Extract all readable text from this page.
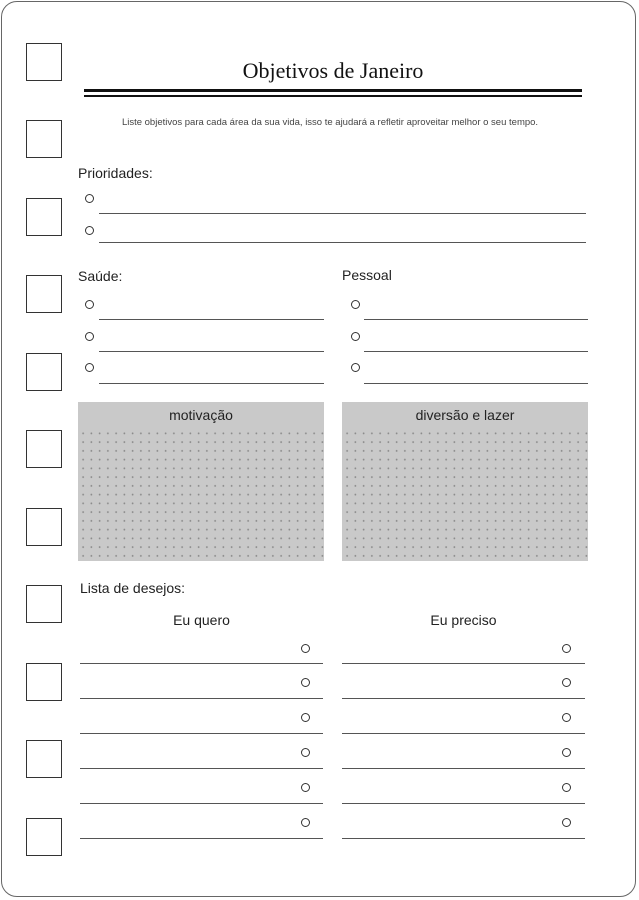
Objetivos de Janeiro
Liste objetivos para cada área da sua vida, isso te ajudará a refletir aproveitar melhor o seu tempo.
Prioridades:
Saúde:	Pessoal
motivação	diversão e lazer
Lista de desejos:
Eu quero	Eu preciso
